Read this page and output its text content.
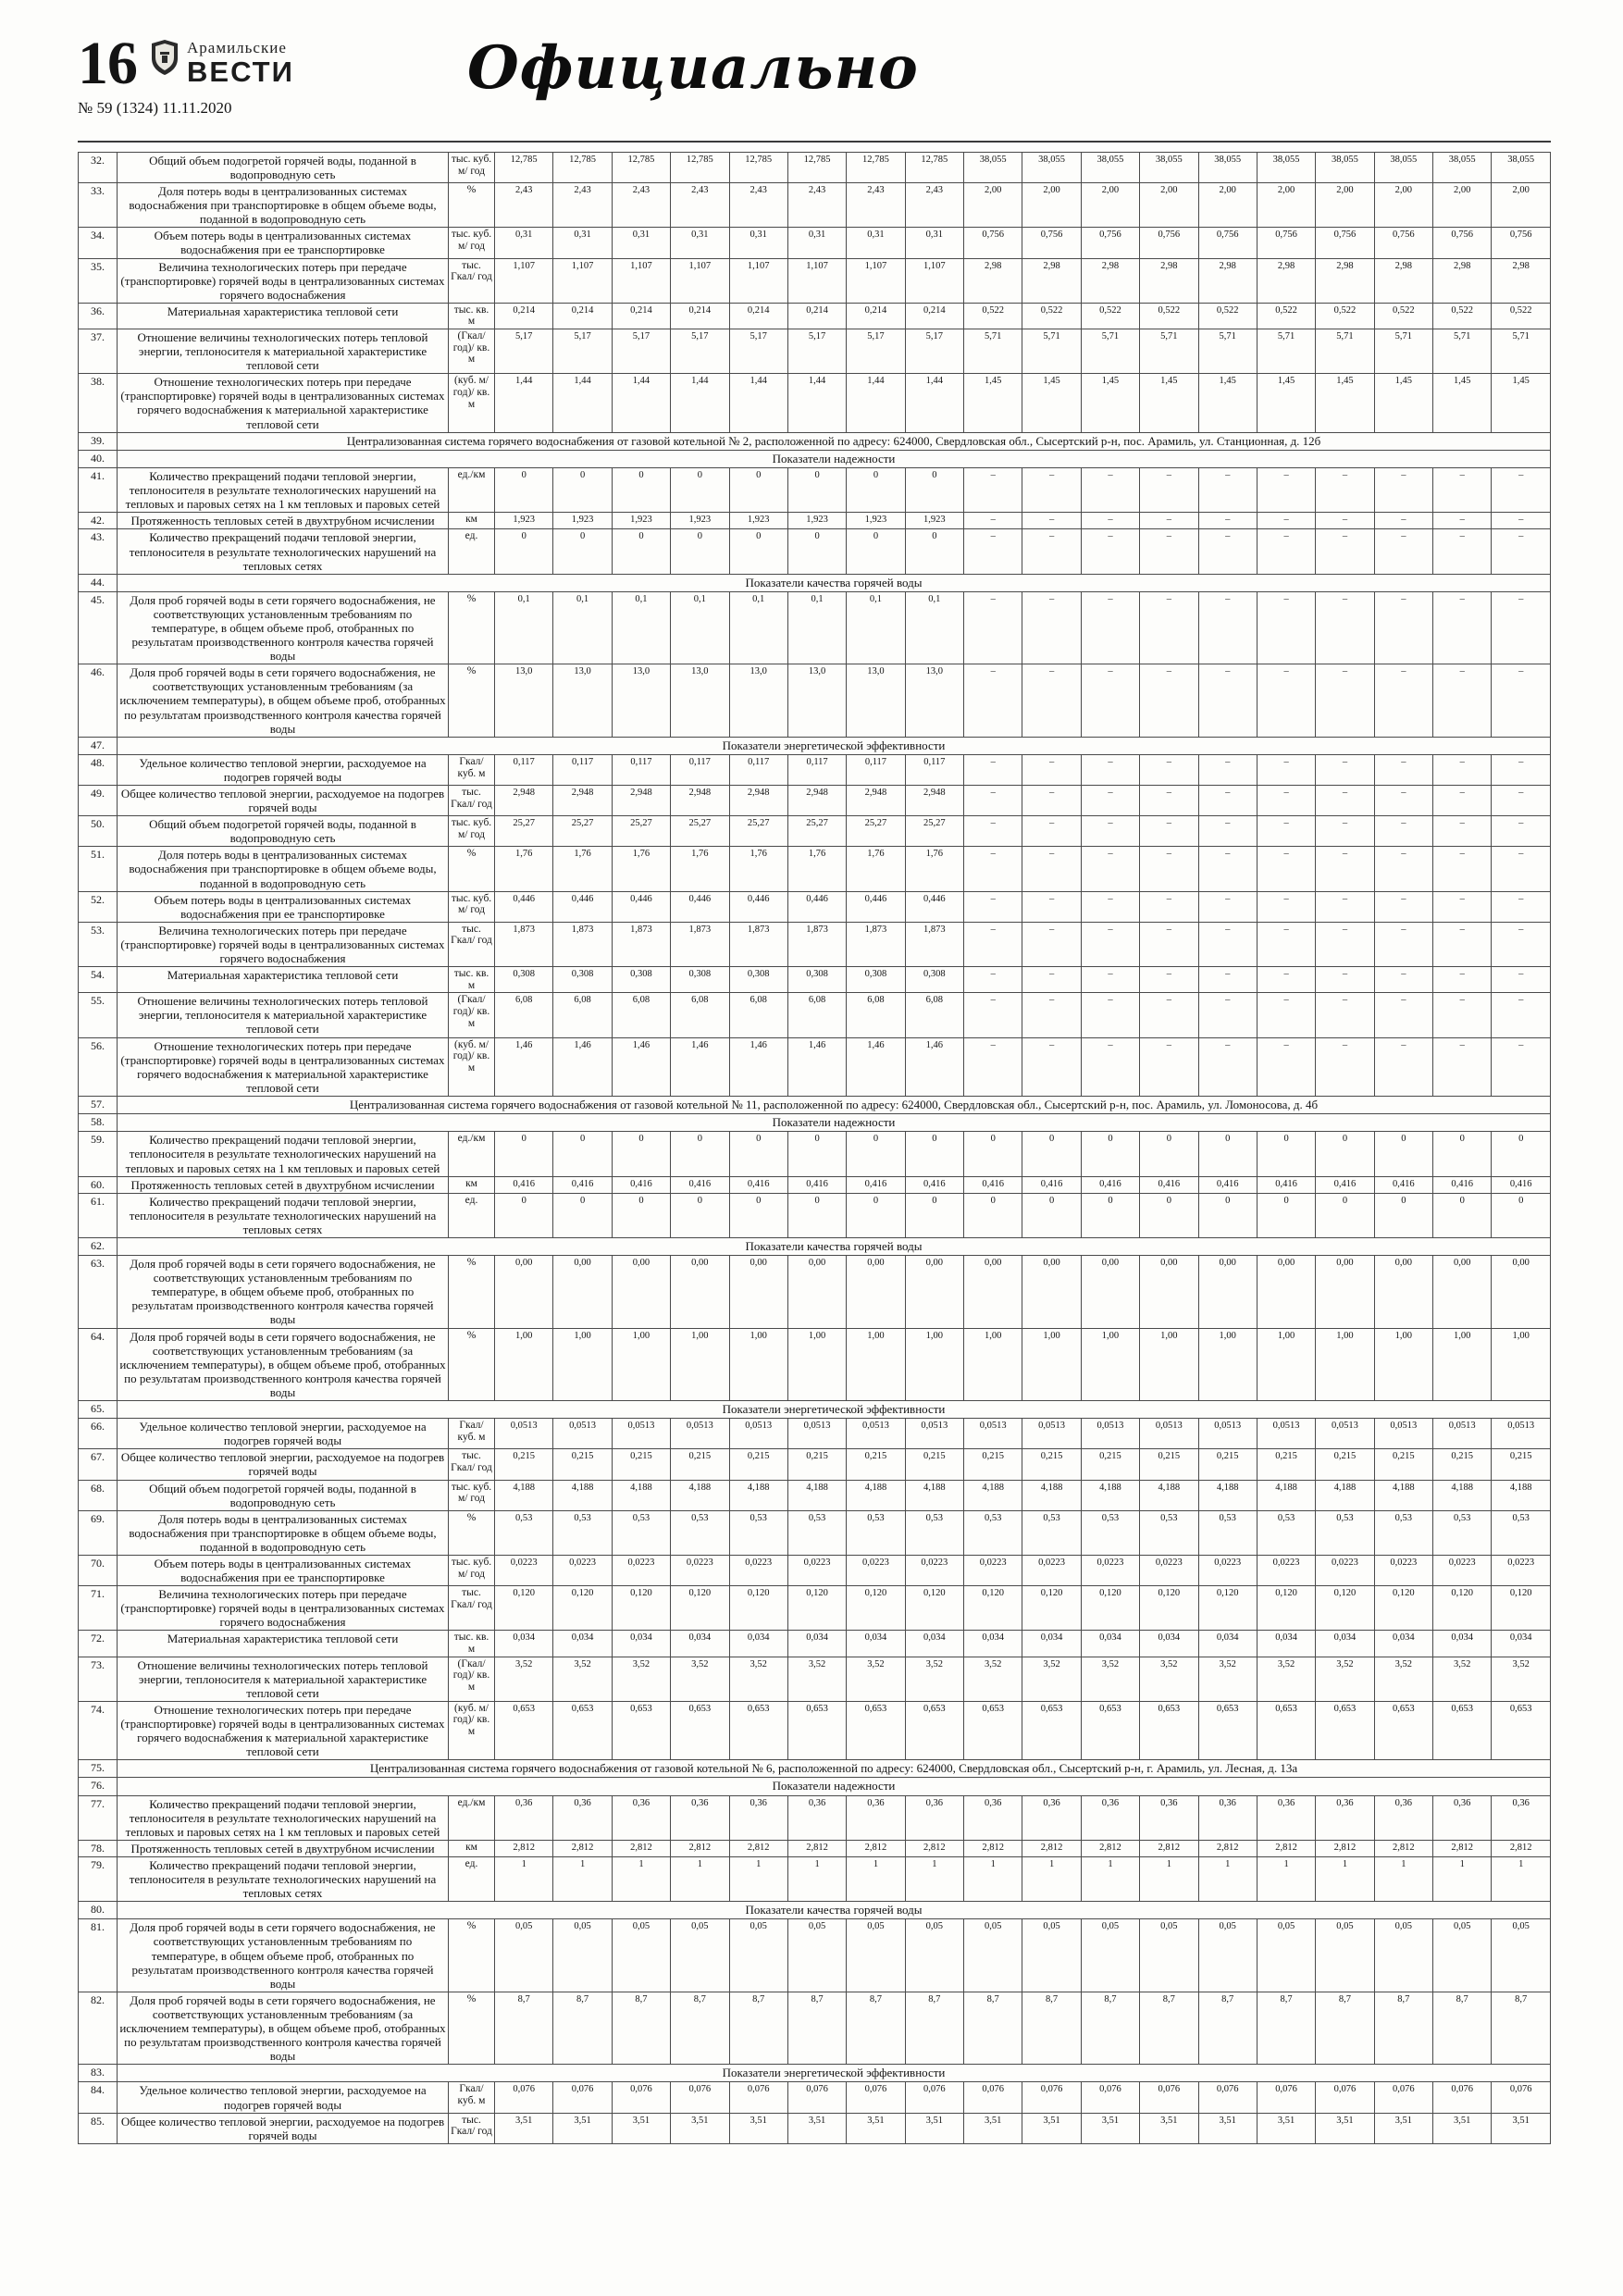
16	Арамильские
ВЕСТИ
№ 59 (1324) 11.11.2020
Официально
32.	Общий объем подогретой горячей воды, поданной в водопроводную сеть	тыс. куб. м/ год	12,785	12,785	12,785	12,785	12,785	12,785	12,785	12,785	38,055	38,055	38,055	38,055	38,055	38,055	38,055	38,055	38,055	38,055
33.	Доля потерь воды в централизованных системах водоснабжения при транспортировке в общем объеме воды, поданной в водопроводную сеть	%	2,43	2,43	2,43	2,43	2,43	2,43	2,43	2,43	2,00	2,00	2,00	2,00	2,00	2,00	2,00	2,00	2,00	2,00
34.	Объем потерь воды в централизованных системах водоснабжения при ее транспортировке	тыс. куб. м/ год	0,31	0,31	0,31	0,31	0,31	0,31	0,31	0,31	0,756	0,756	0,756	0,756	0,756	0,756	0,756	0,756	0,756	0,756
35.	Величина технологических потерь при передаче (транспортировке) горячей воды в централизованных системах горячего водоснабжения	тыс. Гкал/ год	1,107	1,107	1,107	1,107	1,107	1,107	1,107	1,107	2,98	2,98	2,98	2,98	2,98	2,98	2,98	2,98	2,98	2,98
36.	Материальная характеристика тепловой сети	тыс. кв. м	0,214	0,214	0,214	0,214	0,214	0,214	0,214	0,214	0,522	0,522	0,522	0,522	0,522	0,522	0,522	0,522	0,522	0,522
37.	Отношение величины технологических потерь тепловой энергии, теплоносителя к материальной характеристике тепловой сети	(Гкал/ год)/ кв. м	5,17	5,17	5,17	5,17	5,17	5,17	5,17	5,17	5,71	5,71	5,71	5,71	5,71	5,71	5,71	5,71	5,71	5,71
38.	Отношение технологических потерь при передаче (транспортировке) горячей воды в централизованных системах горячего водоснабжения к материальной характеристике тепловой сети	(куб. м/ год)/ кв. м	1,44	1,44	1,44	1,44	1,44	1,44	1,44	1,44	1,45	1,45	1,45	1,45	1,45	1,45	1,45	1,45	1,45	1,45
39.	Централизованная система горячего водоснабжения от газовой котельной № 2, расположенной по адресу: 624000, Свердловская обл., Сысертский р-н, пос. Арамиль, ул. Станционная, д. 12б																			
40.	Показатели надежности																			
41.	Количество прекращений подачи тепловой энергии, теплоносителя в результате технологических нарушений на тепловых и паровых сетях на 1 км тепловых и паровых сетей	ед./км	0	0	0	0	0	0	0	0	–	–	–	–	–	–	–	–	–	–
42.	Протяженность тепловых сетей в двухтрубном исчислении	км	1,923	1,923	1,923	1,923	1,923	1,923	1,923	1,923	–	–	–	–	–	–	–	–	–	–
43.	Количество прекращений подачи тепловой энергии, теплоносителя в результате технологических нарушений на тепловых сетях	ед.	0	0	0	0	0	0	0	0	–	–	–	–	–	–	–	–	–	–
44.	Показатели качества горячей воды																			
45.	Доля проб горячей воды в сети горячего водоснабжения, не соответствующих установленным требованиям по температуре, в общем объеме проб, отобранных по результатам производственного контроля качества горячей воды	%	0,1	0,1	0,1	0,1	0,1	0,1	0,1	0,1	–	–	–	–	–	–	–	–	–	–
46.	Доля проб горячей воды в сети горячего водоснабжения, не соответствующих установленным требованиям (за исключением температуры), в общем объеме проб, отобранных по результатам производственного контроля качества горячей воды	%	13,0	13,0	13,0	13,0	13,0	13,0	13,0	13,0	–	–	–	–	–	–	–	–	–	–
47.	Показатели энергетической эффективности																			
48.	Удельное количество тепловой энергии, расходуемое на подогрев горячей воды	Гкал/ куб. м	0,117	0,117	0,117	0,117	0,117	0,117	0,117	0,117	–	–	–	–	–	–	–	–	–	–
49.	Общее количество тепловой энергии, расходуемое на подогрев горячей воды	тыс. Гкал/ год	2,948	2,948	2,948	2,948	2,948	2,948	2,948	2,948	–	–	–	–	–	–	–	–	–	–
50.	Общий объем подогретой горячей воды, поданной в водопроводную сеть	тыс. куб. м/ год	25,27	25,27	25,27	25,27	25,27	25,27	25,27	25,27	–	–	–	–	–	–	–	–	–	–
51.	Доля потерь воды в централизованных системах водоснабжения при транспортировке в общем объеме воды, поданной в водопроводную сеть	%	1,76	1,76	1,76	1,76	1,76	1,76	1,76	1,76	–	–	–	–	–	–	–	–	–	–
52.	Объем потерь воды в централизованных системах водоснабжения при ее транспортировке	тыс. куб. м/ год	0,446	0,446	0,446	0,446	0,446	0,446	0,446	0,446	–	–	–	–	–	–	–	–	–	–
53.	Величина технологических потерь при передаче (транспортировке) горячей воды в централизованных системах горячего водоснабжения	тыс. Гкал/ год	1,873	1,873	1,873	1,873	1,873	1,873	1,873	1,873	–	–	–	–	–	–	–	–	–	–
54.	Материальная характеристика тепловой сети	тыс. кв. м	0,308	0,308	0,308	0,308	0,308	0,308	0,308	0,308	–	–	–	–	–	–	–	–	–	–
55.	Отношение величины технологических потерь тепловой энергии, теплоносителя к материальной характеристике тепловой сети	(Гкал/ год)/ кв. м	6,08	6,08	6,08	6,08	6,08	6,08	6,08	6,08	–	–	–	–	–	–	–	–	–	–
56.	Отношение технологических потерь при передаче (транспортировке) горячей воды в централизованных системах горячего водоснабжения к материальной характеристике тепловой сети	(куб. м/ год)/ кв. м	1,46	1,46	1,46	1,46	1,46	1,46	1,46	1,46	–	–	–	–	–	–	–	–	–	–
57.	Централизованная система горячего водоснабжения от газовой котельной № 11, расположенной по адресу: 624000, Свердловская обл., Сысертский р-н, пос. Арамиль, ул. Ломоносова, д. 4б																			
58.	Показатели надежности																			
59.	Количество прекращений подачи тепловой энергии, теплоносителя в результате технологических нарушений на тепловых и паровых сетях на 1 км тепловых и паровых сетей	ед./км	0	0	0	0	0	0	0	0	0	0	0	0	0	0	0	0	0	0
60.	Протяженность тепловых сетей в двухтрубном исчислении	км	0,416	0,416	0,416	0,416	0,416	0,416	0,416	0,416	0,416	0,416	0,416	0,416	0,416	0,416	0,416	0,416	0,416	0,416
61.	Количество прекращений подачи тепловой энергии, теплоносителя в результате технологических нарушений на тепловых сетях	ед.	0	0	0	0	0	0	0	0	0	0	0	0	0	0	0	0	0	0
62.	Показатели качества горячей воды																			
63.	Доля проб горячей воды в сети горячего водоснабжения, не соответствующих установленным требованиям по температуре, в общем объеме проб, отобранных по результатам производственного контроля качества горячей воды	%	0,00	0,00	0,00	0,00	0,00	0,00	0,00	0,00	0,00	0,00	0,00	0,00	0,00	0,00	0,00	0,00	0,00	0,00
64.	Доля проб горячей воды в сети горячего водоснабжения, не соответствующих установленным требованиям (за исключением температуры), в общем объеме проб, отобранных по результатам производственного контроля качества горячей воды	%	1,00	1,00	1,00	1,00	1,00	1,00	1,00	1,00	1,00	1,00	1,00	1,00	1,00	1,00	1,00	1,00	1,00	1,00
65.	Показатели энергетической эффективности																			
66.	Удельное количество тепловой энергии, расходуемое на подогрев горячей воды	Гкал/ куб. м	0,0513	0,0513	0,0513	0,0513	0,0513	0,0513	0,0513	0,0513	0,0513	0,0513	0,0513	0,0513	0,0513	0,0513	0,0513	0,0513	0,0513	0,0513
67.	Общее количество тепловой энергии, расходуемое на подогрев горячей воды	тыс. Гкал/ год	0,215	0,215	0,215	0,215	0,215	0,215	0,215	0,215	0,215	0,215	0,215	0,215	0,215	0,215	0,215	0,215	0,215	0,215
68.	Общий объем подогретой горячей воды, поданной в водопроводную сеть	тыс. куб. м/ год	4,188	4,188	4,188	4,188	4,188	4,188	4,188	4,188	4,188	4,188	4,188	4,188	4,188	4,188	4,188	4,188	4,188	4,188
69.	Доля потерь воды в централизованных системах водоснабжения при транспортировке в общем объеме воды, поданной в водопроводную сеть	%	0,53	0,53	0,53	0,53	0,53	0,53	0,53	0,53	0,53	0,53	0,53	0,53	0,53	0,53	0,53	0,53	0,53	0,53
70.	Объем потерь воды в централизованных системах водоснабжения при ее транспортировке	тыс. куб. м/ год	0,0223	0,0223	0,0223	0,0223	0,0223	0,0223	0,0223	0,0223	0,0223	0,0223	0,0223	0,0223	0,0223	0,0223	0,0223	0,0223	0,0223	0,0223
71.	Величина технологических потерь при передаче (транспортировке) горячей воды в централизованных системах горячего водоснабжения	тыс. Гкал/ год	0,120	0,120	0,120	0,120	0,120	0,120	0,120	0,120	0,120	0,120	0,120	0,120	0,120	0,120	0,120	0,120	0,120	0,120
72.	Материальная характеристика тепловой сети	тыс. кв. м	0,034	0,034	0,034	0,034	0,034	0,034	0,034	0,034	0,034	0,034	0,034	0,034	0,034	0,034	0,034	0,034	0,034	0,034
73.	Отношение величины технологических потерь тепловой энергии, теплоносителя к материальной характеристике тепловой сети	(Гкал/ год)/ кв. м	3,52	3,52	3,52	3,52	3,52	3,52	3,52	3,52	3,52	3,52	3,52	3,52	3,52	3,52	3,52	3,52	3,52	3,52
74.	Отношение технологических потерь при передаче (транспортировке) горячей воды в централизованных системах горячего водоснабжения к материальной характеристике тепловой сети	(куб. м/ год)/ кв. м	0,653	0,653	0,653	0,653	0,653	0,653	0,653	0,653	0,653	0,653	0,653	0,653	0,653	0,653	0,653	0,653	0,653	0,653
75.	Централизованная система горячего водоснабжения от газовой котельной № 6, расположенной по адресу: 624000, Свердловская обл., Сысертский р-н, г. Арамиль, ул. Лесная, д. 13а																			
76.	Показатели надежности																			
77.	Количество прекращений подачи тепловой энергии, теплоносителя в результате технологических нарушений на тепловых и паровых сетях на 1 км тепловых и паровых сетей	ед./км	0,36	0,36	0,36	0,36	0,36	0,36	0,36	0,36	0,36	0,36	0,36	0,36	0,36	0,36	0,36	0,36	0,36	0,36
78.	Протяженность тепловых сетей в двухтрубном исчислении	км	2,812	2,812	2,812	2,812	2,812	2,812	2,812	2,812	2,812	2,812	2,812	2,812	2,812	2,812	2,812	2,812	2,812	2,812
79.	Количество прекращений подачи тепловой энергии, теплоносителя в результате технологических нарушений на тепловых сетях	ед.	1	1	1	1	1	1	1	1	1	1	1	1	1	1	1	1	1	1
80.	Показатели качества горячей воды																			
81.	Доля проб горячей воды в сети горячего водоснабжения, не соответствующих установленным требованиям по температуре, в общем объеме проб, отобранных по результатам производственного контроля качества горячей воды	%	0,05	0,05	0,05	0,05	0,05	0,05	0,05	0,05	0,05	0,05	0,05	0,05	0,05	0,05	0,05	0,05	0,05	0,05
82.	Доля проб горячей воды в сети горячего водоснабжения, не соответствующих установленным требованиям (за исключением температуры), в общем объеме проб, отобранных по результатам производственного контроля качества горячей воды	%	8,7	8,7	8,7	8,7	8,7	8,7	8,7	8,7	8,7	8,7	8,7	8,7	8,7	8,7	8,7	8,7	8,7	8,7
83.	Показатели энергетической эффективности																			
84.	Удельное количество тепловой энергии, расходуемое на подогрев горячей воды	Гкал/ куб. м	0,076	0,076	0,076	0,076	0,076	0,076	0,076	0,076	0,076	0,076	0,076	0,076	0,076	0,076	0,076	0,076	0,076	0,076
85.	Общее количество тепловой энергии, расходуемое на подогрев горячей воды	тыс. Гкал/ год	3,51	3,51	3,51	3,51	3,51	3,51	3,51	3,51	3,51	3,51	3,51	3,51	3,51	3,51	3,51	3,51	3,51	3,51
